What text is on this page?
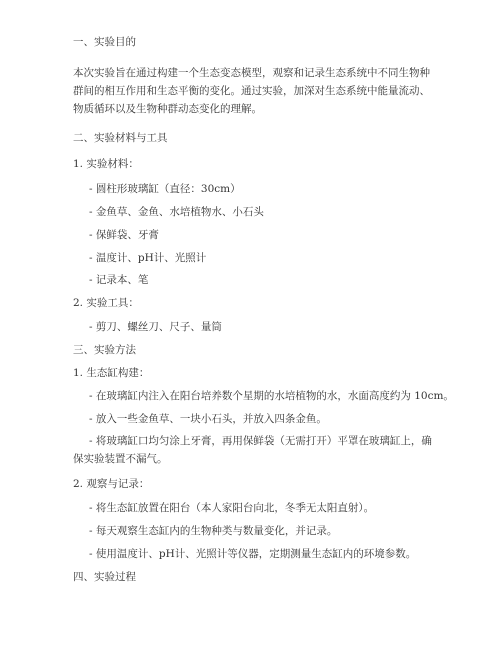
一、实验目的
本次实验旨在通过构建一个生态变态模型，观察和记录生态系统中不同生物种群间的相互作用和生态平衡的变化。通过实验，加深对生态系统中能量流动、物质循环以及生物种群动态变化的理解。
二、实验材料与工具
1. 实验材料：
- 圆柱形玻璃缸（直径：30cm）
- 金鱼草、金鱼、水培植物水、小石头
- 保鲜袋、牙膏
- 温度计、pH计、光照计
- 记录本、笔
2. 实验工具：
- 剪刀、螺丝刀、尺子、量筒
三、实验方法
1. 生态缸构建：
- 在玻璃缸内注入在阳台培养数个星期的水培植物的水，水面高度约为 10cm。
- 放入一些金鱼草、一块小石头，并放入四条金鱼。
- 将玻璃缸口均匀涂上牙膏，再用保鲜袋（无需打开）平罩在玻璃缸上，确保实验装置不漏气。
2. 观察与记录：
- 将生态缸放置在阳台（本人家阳台向北，冬季无太阳直射）。
- 每天观察生态缸内的生物种类与数量变化，并记录。
- 使用温度计、pH计、光照计等仪器，定期测量生态缸内的环境参数。
四、实验过程
